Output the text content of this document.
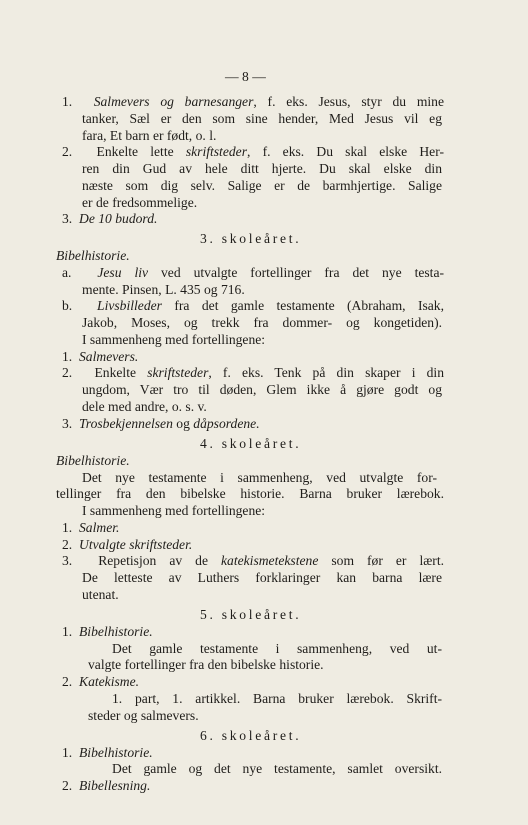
— 8 —
1.  Salmevers og barnesanger, f. eks. Jesus, styr du mine
tanker, Sæl er den som sine hender, Med Jesus vil eg
fara, Et barn er født, o. l.
2.  Enkelte lette skriftsteder, f. eks. Du skal elske Her-
ren din Gud av hele ditt hjerte. Du skal elske din
næste som dig selv. Salige er de barmhjertige. Salige
er de fredsommelige.
3.  De 10 budord.
3. skoleåret.
Bibelhistorie.
a.  Jesu liv ved utvalgte fortellinger fra det nye testa-
mente. Pinsen, L. 435 og 716.
b.  Livsbilleder fra det gamle testamente (Abraham, Isak,
Jakob, Moses, og trekk fra dommer- og kongetiden).
I sammenheng med fortellingene:
1.  Salmevers.
2.  Enkelte skriftsteder, f. eks. Tenk på din skaper i din
ungdom, Vær tro til døden, Glem ikke å gjøre godt og
dele med andre, o. s. v.
3.  Trosbekjennelsen og dåpsordene.
4. skoleåret.
Bibelhistorie.
Det nye testamente i sammenheng, ved utvalgte for-
tellinger fra den bibelske historie. Barna bruker lærebok.
I sammenheng med fortellingene:
1.  Salmer.
2.  Utvalgte skriftsteder.
3.  Repetisjon av de katekismetekstene som før er lært.
De letteste av Luthers forklaringer kan barna lære
utenat.
5. skoleåret.
1.  Bibelhistorie.
Det gamle testamente i sammenheng, ved ut-
valgte fortellinger fra den bibelske historie.
2.  Katekisme.
1. part, 1. artikkel. Barna bruker lærebok. Skrift-
steder og salmevers.
6. skoleåret.
1.  Bibelhistorie.
Det gamle og det nye testamente, samlet oversikt.
2.  Bibellesning.
